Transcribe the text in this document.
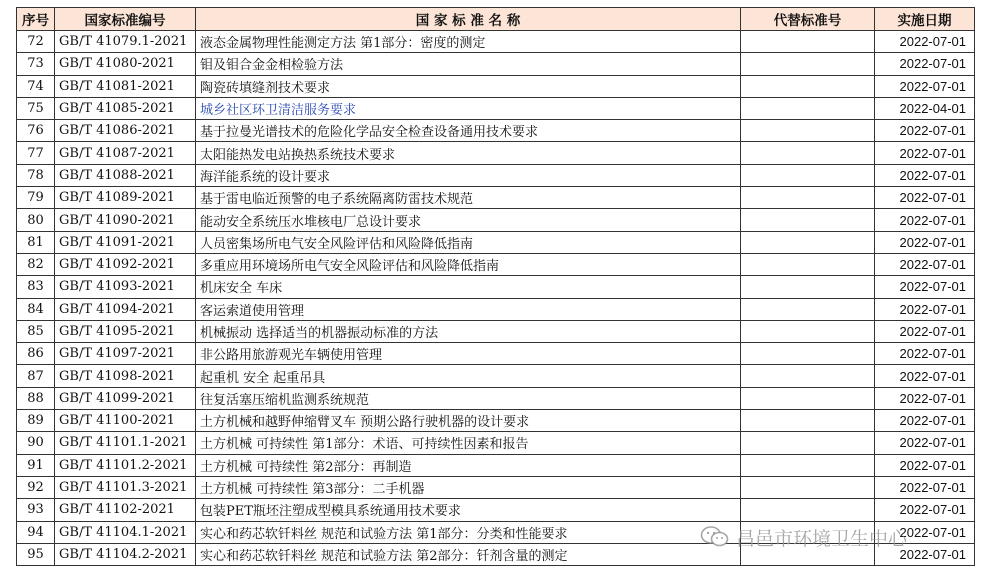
序号	国家标准编号	国 家 标 准 名 称	代替标准号	实施日期
72	GB/T 41079.1-2021	液态金属物理性能测定方法 第1部分：密度的测定		2022-07-01
73	GB/T 41080-2021	钼及钼合金金相检验方法		2022-07-01
74	GB/T 41081-2021	陶瓷砖填缝剂技术要求		2022-07-01
75	GB/T 41085-2021	城乡社区环卫清洁服务要求		2022-04-01
76	GB/T 41086-2021	基于拉曼光谱技术的危险化学品安全检查设备通用技术要求		2022-07-01
77	GB/T 41087-2021	太阳能热发电站换热系统技术要求		2022-07-01
78	GB/T 41088-2021	海洋能系统的设计要求		2022-07-01
79	GB/T 41089-2021	基于雷电临近预警的电子系统隔离防雷技术规范		2022-07-01
80	GB/T 41090-2021	能动安全系统压水堆核电厂总设计要求		2022-07-01
81	GB/T 41091-2021	人员密集场所电气安全风险评估和风险降低指南		2022-07-01
82	GB/T 41092-2021	多重应用环境场所电气安全风险评估和风险降低指南		2022-07-01
83	GB/T 41093-2021	机床安全 车床		2022-07-01
84	GB/T 41094-2021	客运索道使用管理		2022-07-01
85	GB/T 41095-2021	机械振动 选择适当的机器振动标准的方法		2022-07-01
86	GB/T 41097-2021	非公路用旅游观光车辆使用管理		2022-07-01
87	GB/T 41098-2021	起重机 安全 起重吊具		2022-07-01
88	GB/T 41099-2021	往复活塞压缩机监测系统规范		2022-07-01
89	GB/T 41100-2021	土方机械和越野伸缩臂叉车 预期公路行驶机器的设计要求		2022-07-01
90	GB/T 41101.1-2021	土方机械 可持续性 第1部分：术语、可持续性因素和报告		2022-07-01
91	GB/T 41101.2-2021	土方机械 可持续性 第2部分：再制造		2022-07-01
92	GB/T 41101.3-2021	土方机械 可持续性 第3部分：二手机器		2022-07-01
93	GB/T 41102-2021	包装PET瓶坯注塑成型模具系统通用技术要求		2022-07-01
94	GB/T 41104.1-2021	实心和药芯软钎料丝 规范和试验方法 第1部分：分类和性能要求		2022-07-01
95	GB/T 41104.2-2021	实心和药芯软钎料丝 规范和试验方法 第2部分：钎剂含量的测定		2022-07-01
昌邑市环境卫生中心
